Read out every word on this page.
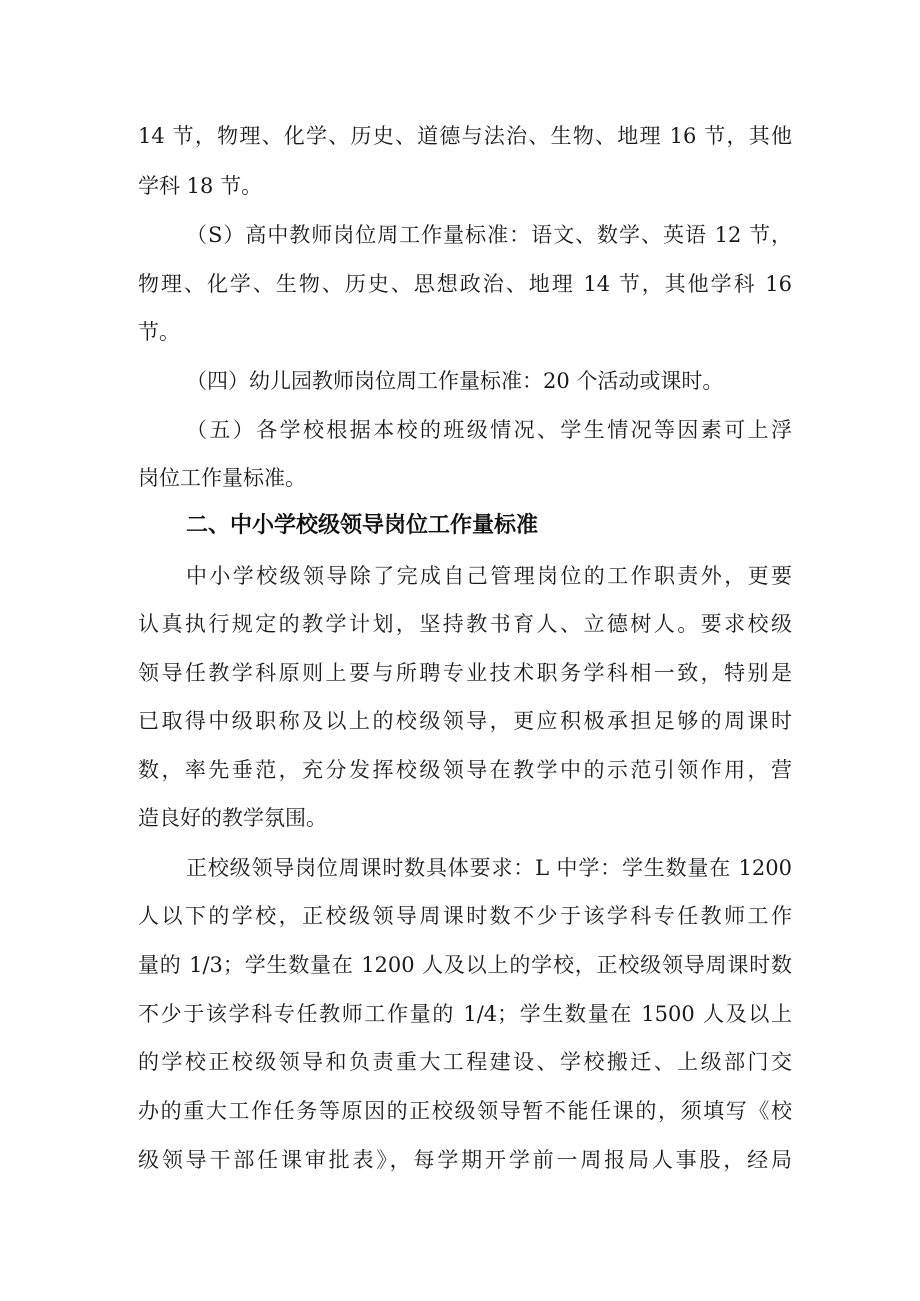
14 节，物理、化学、历史、道德与法治、生物、地理 16 节，其他
学科 18 节。
（S）高中教师岗位周工作量标准：语文、数学、英语 12 节，
物理、化学、生物、历史、思想政治、地理 14 节，其他学科 16
节。
（四）幼儿园教师岗位周工作量标准：20 个活动或课时。
（五）各学校根据本校的班级情况、学生情况等因素可上浮
岗位工作量标准。
二、中小学校级领导岗位工作量标准
中小学校级领导除了完成自己管理岗位的工作职责外，更要
认真执行规定的教学计划，坚持教书育人、立德树人。要求校级
领导任教学科原则上要与所聘专业技术职务学科相一致，特别是
已取得中级职称及以上的校级领导，更应积极承担足够的周课时
数，率先垂范，充分发挥校级领导在教学中的示范引领作用，营
造良好的教学氛围。
正校级领导岗位周课时数具体要求：L 中学：学生数量在 1200
人以下的学校，正校级领导周课时数不少于该学科专任教师工作
量的 1/3；学生数量在 1200 人及以上的学校，正校级领导周课时数
不少于该学科专任教师工作量的 1/4；学生数量在 1500 人及以上
的学校正校级领导和负责重大工程建设、学校搬迁、上级部门交
办的重大工作任务等原因的正校级领导暂不能任课的，须填写《校
级领导干部任课审批表》，每学期开学前一周报局人事股，经局
